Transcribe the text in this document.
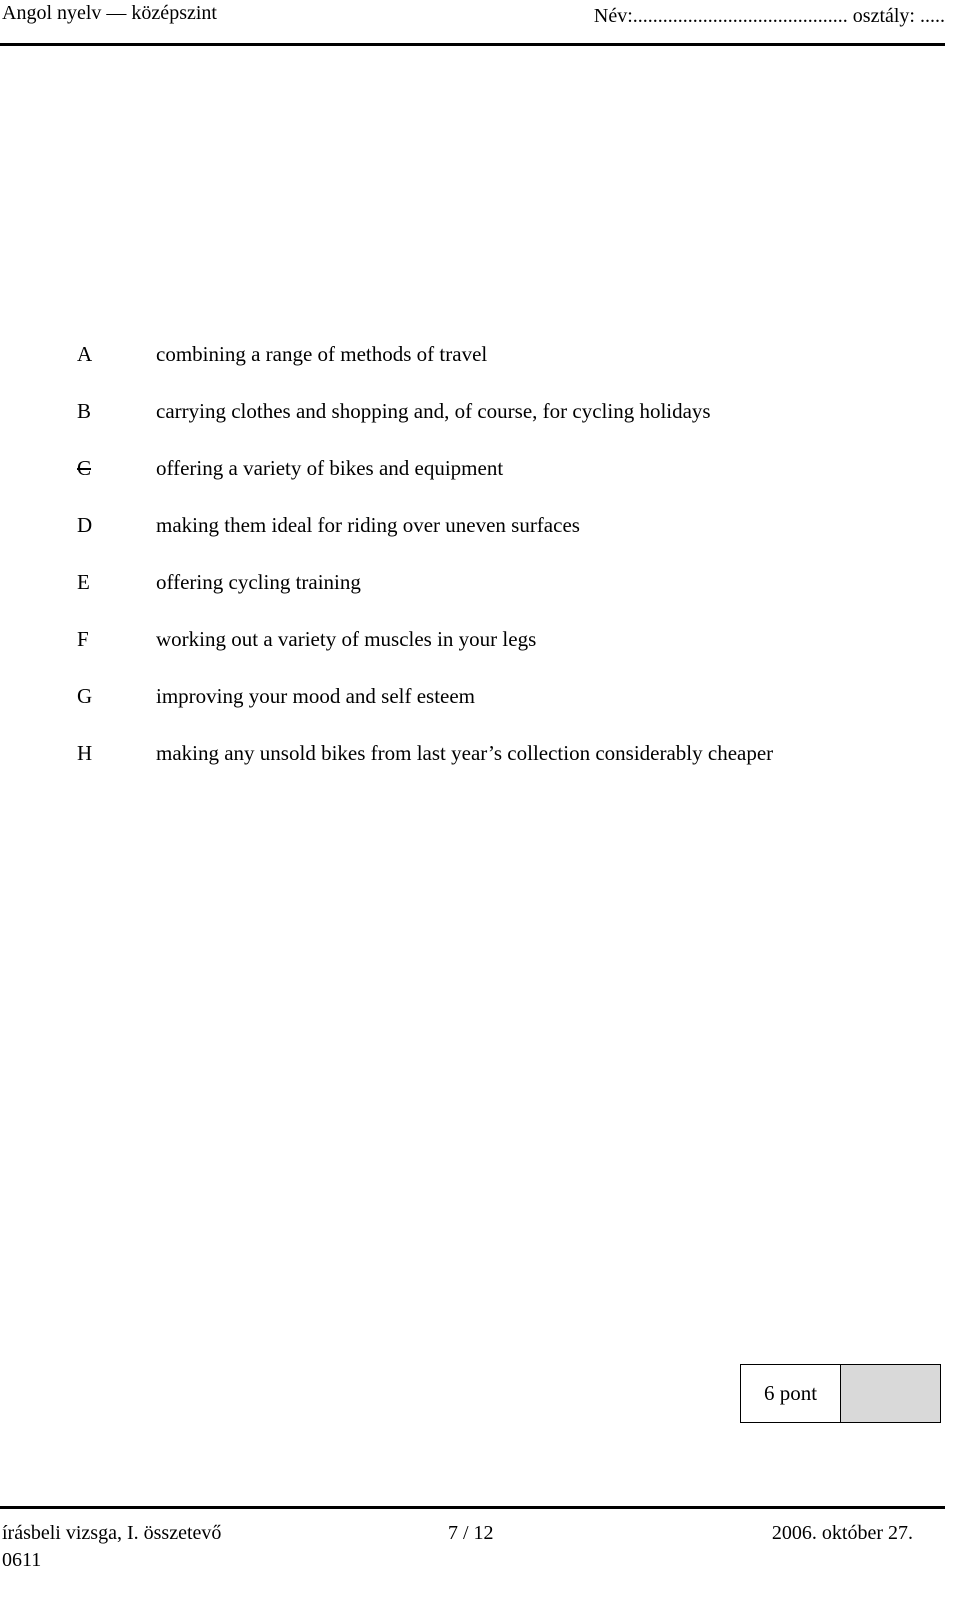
Angol nyelv — középszint	Név:........................................... osztály: .....
A	combining a range of methods of travel
B	carrying clothes and shopping and, of course, for cycling holidays
C	offering a variety of bikes and equipment
D	making them ideal for riding over uneven surfaces
E	offering cycling training
F	working out a variety of muscles in your legs
G	improving your mood and self esteem
H	making any unsold bikes from last year’s collection considerably cheaper
6 pont
írásbeli vizsga, I. összetevő	7 / 12	2006. október 27.
0611
